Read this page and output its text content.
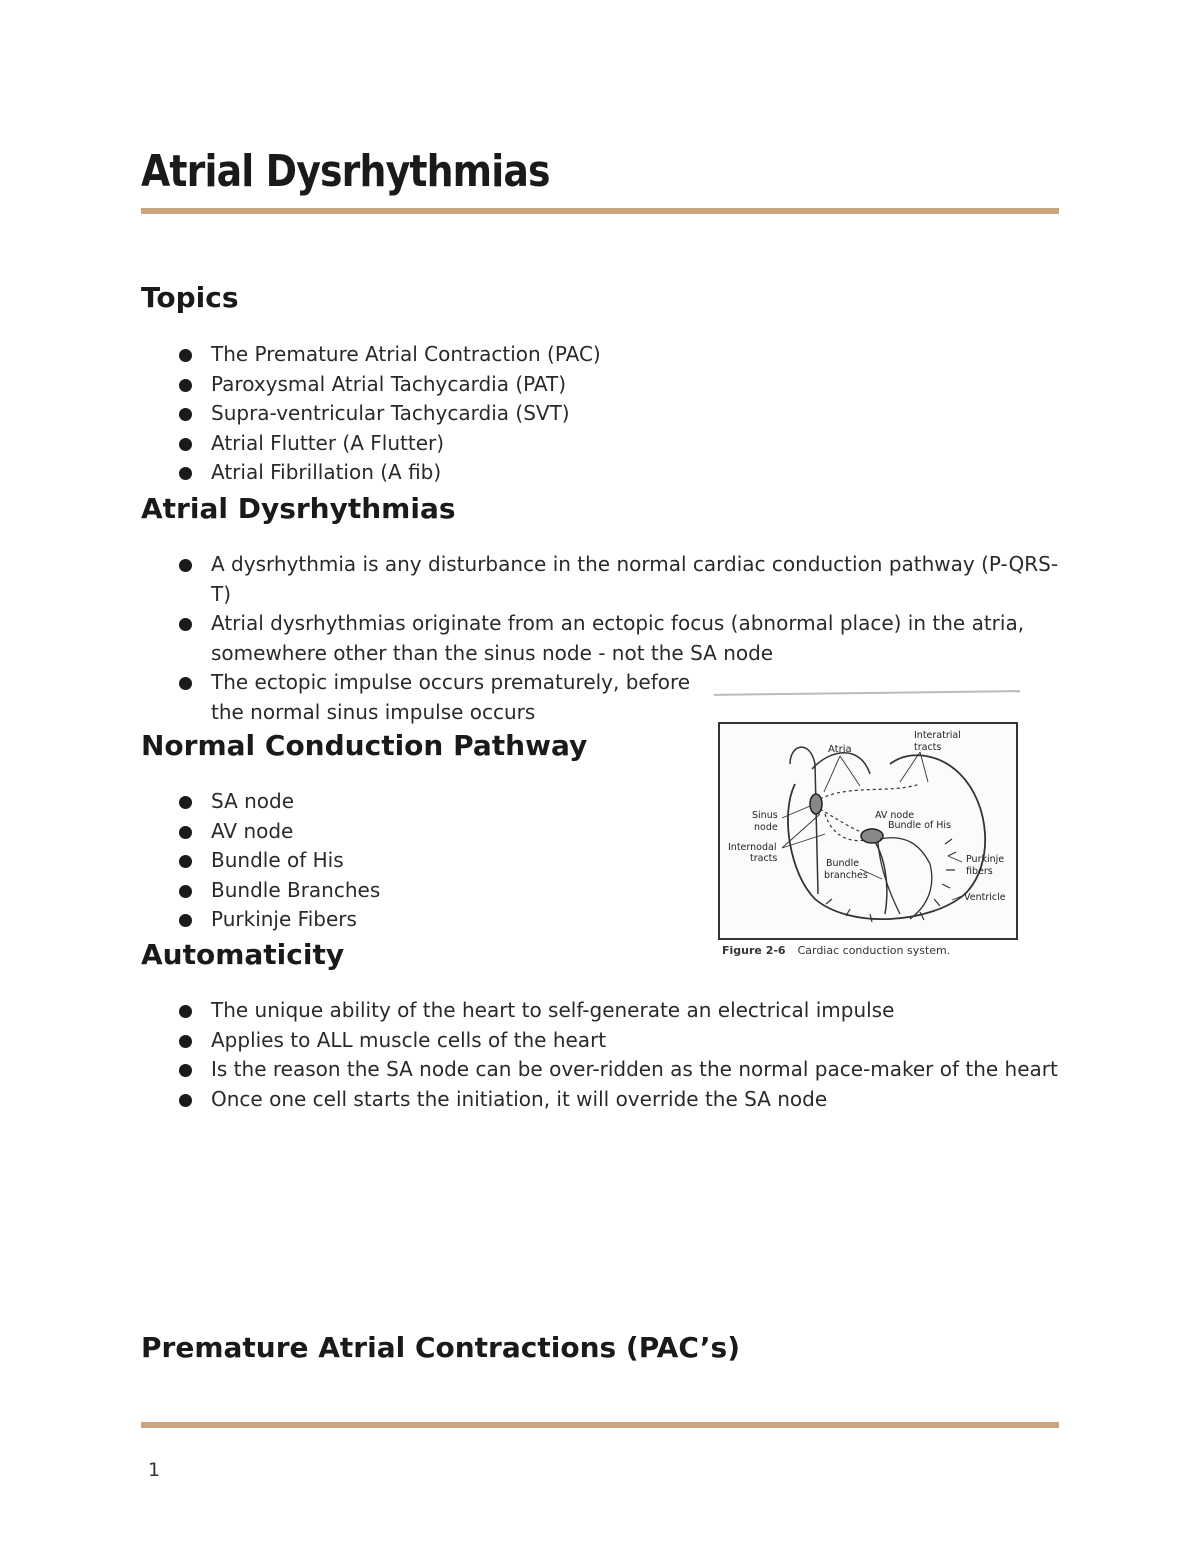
Atrial Dysrhythmias
Topics
The Premature Atrial Contraction (PAC)
Paroxysmal Atrial Tachycardia (PAT)
Supra-ventricular Tachycardia (SVT)
Atrial Flutter (A Flutter)
Atrial Fibrillation (A fib)
Atrial Dysrhythmias
A dysrhythmia is any disturbance in the normal cardiac conduction pathway (P-QRS-T)
Atrial dysrhythmias originate from an ectopic focus (abnormal place) in the atria, somewhere other than the sinus node - not the SA node
The ectopic impulse occurs prematurely, before the normal sinus impulse occurs
Normal Conduction Pathway
SA node
AV node
Bundle of His
Bundle Branches
Purkinje Fibers
Atria
Interatrial
tracts
Sinus
node
AV node
Bundle of His
Internodal
tracts	Purkinje
fibers
Bundle
branches
Ventricle
Figure 2-6 Cardiac conduction system.
Automaticity
The unique ability of the heart to self-generate an electrical impulse
Applies to ALL muscle cells of the heart
Is the reason the SA node can be over-ridden as the normal pace-maker of the heart
Once one cell starts the initiation, it will override the SA node
Premature Atrial Contractions (PAC’s)
1
